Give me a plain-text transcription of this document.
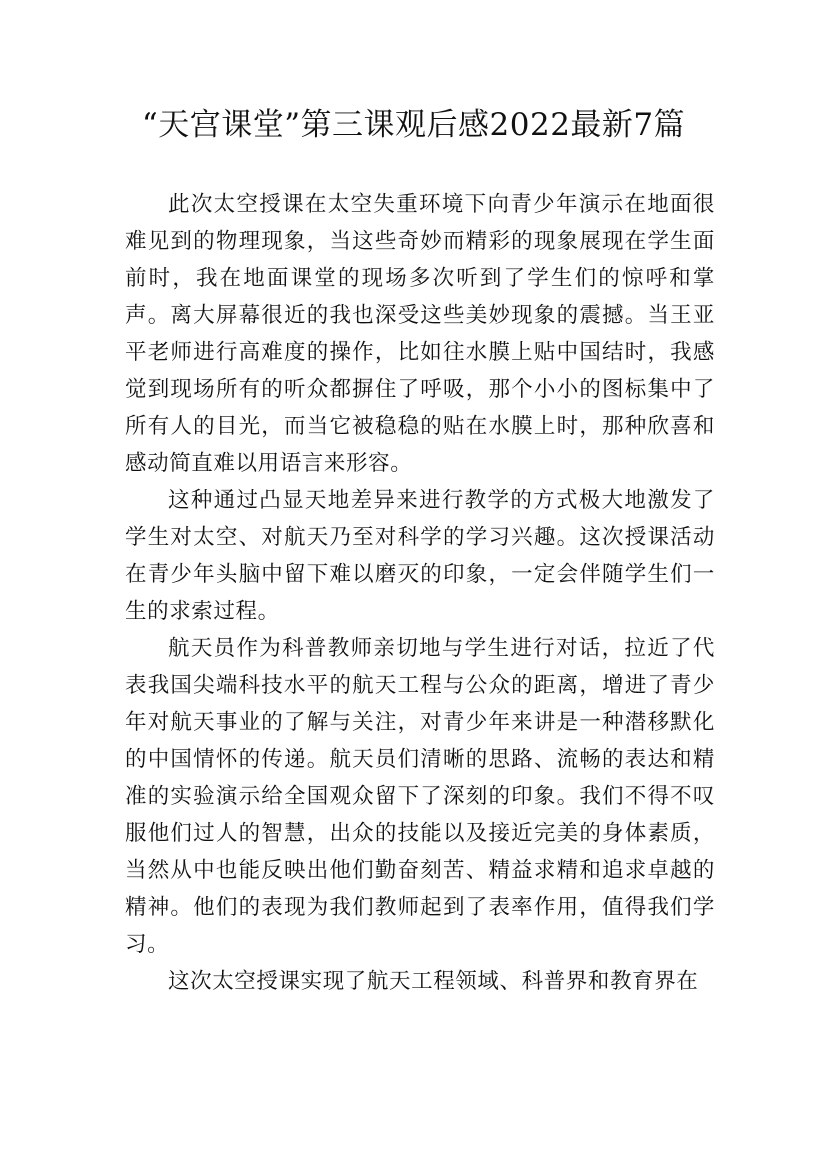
“天宫课堂”第三课观后感2022最新7篇

此次太空授课在太空失重环境下向青少年演示在地面很难见到的物理现象，当这些奇妙而精彩的现象展现在学生面前时，我在地面课堂的现场多次听到了学生们的惊呼和掌声。离大屏幕很近的我也深受这些美妙现象的震撼。当王亚平老师进行高难度的操作，比如往水膜上贴中国结时，我感觉到现场所有的听众都摒住了呼吸，那个小小的图标集中了所有人的目光，而当它被稳稳的贴在水膜上时，那种欣喜和感动简直难以用语言来形容。

这种通过凸显天地差异来进行教学的方式极大地激发了学生对太空、对航天乃至对科学的学习兴趣。这次授课活动在青少年头脑中留下难以磨灭的印象，一定会伴随学生们一生的求索过程。

航天员作为科普教师亲切地与学生进行对话，拉近了代表我国尖端科技水平的航天工程与公众的距离，增进了青少年对航天事业的了解与关注，对青少年来讲是一种潜移默化的中国情怀的传递。航天员们清晰的思路、流畅的表达和精准的实验演示给全国观众留下了深刻的印象。我们不得不叹服他们过人的智慧，出众的技能以及接近完美的身体素质，当然从中也能反映出他们勤奋刻苦、精益求精和追求卓越的精神。他们的表现为我们教师起到了表率作用，值得我们学习。

这次太空授课实现了航天工程领域、科普界和教育界在
